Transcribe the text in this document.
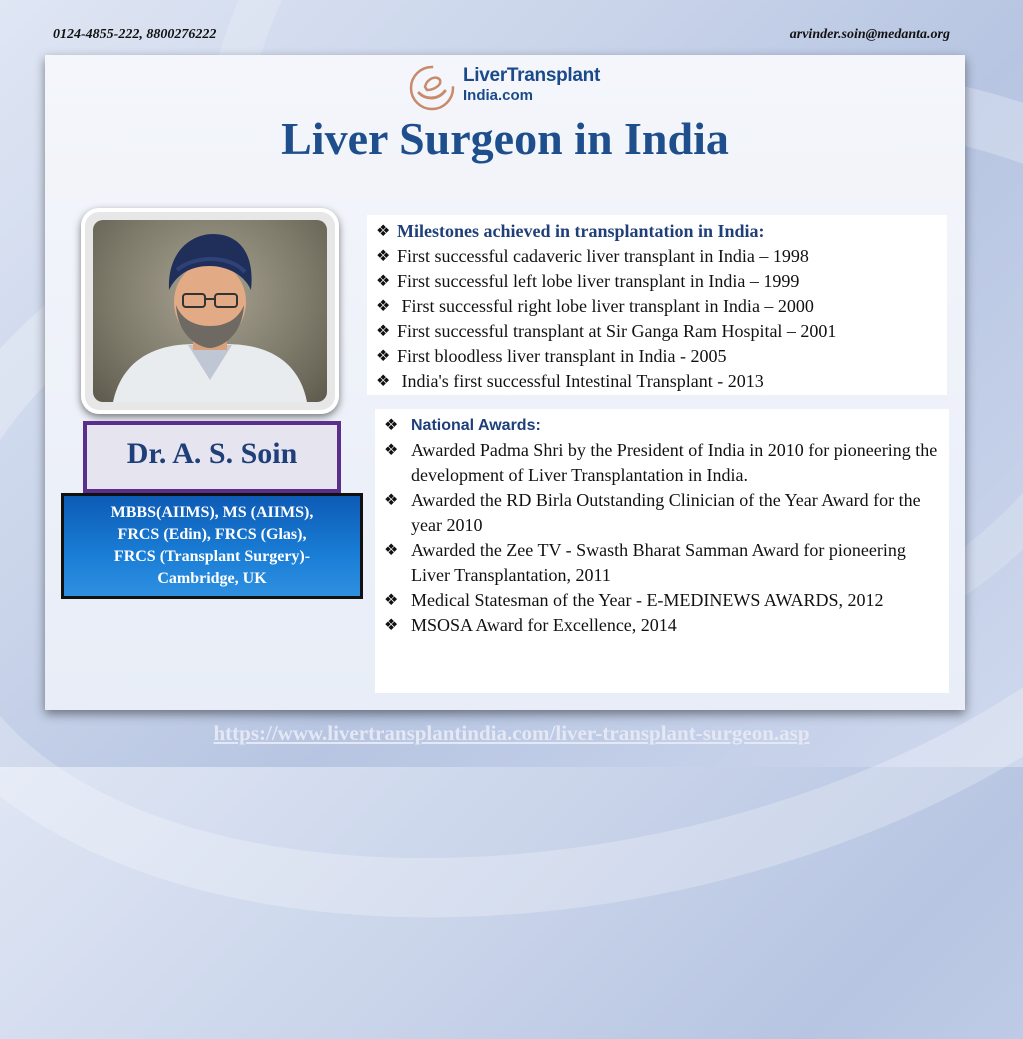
0124-4855-222, 8800276222	arvinder.soin@medanta.org
LiverTransplant
India.com
Liver Surgeon in India
Dr. A. S. Soin
MBBS(AIIMS), MS (AIIMS),
FRCS (Edin), FRCS (Glas),
FRCS (Transplant Surgery)-
Cambridge, UK
❖ Milestones achieved in transplantation in India:
❖ First successful cadaveric liver transplant in India – 1998
❖ First successful left lobe liver transplant in India – 1999
❖ First successful right lobe liver transplant in India – 2000
❖ First successful transplant at Sir Ganga Ram Hospital – 2001
❖ First bloodless liver transplant in India - 2005
❖ India's first successful Intestinal Transplant - 2013
❖ National Awards:
❖ Awarded Padma Shri by the President of India in 2010 for pioneering the development of Liver Transplantation in India.
❖ Awarded the RD Birla Outstanding Clinician of the Year Award for the year 2010
❖ Awarded the Zee TV - Swasth Bharat Samman Award for pioneering Liver Transplantation, 2011
❖ Medical Statesman of the Year - E-MEDINEWS AWARDS, 2012
❖ MSOSA Award for Excellence, 2014
https://www.livertransplantindia.com/liver-transplant-surgeon.asp
